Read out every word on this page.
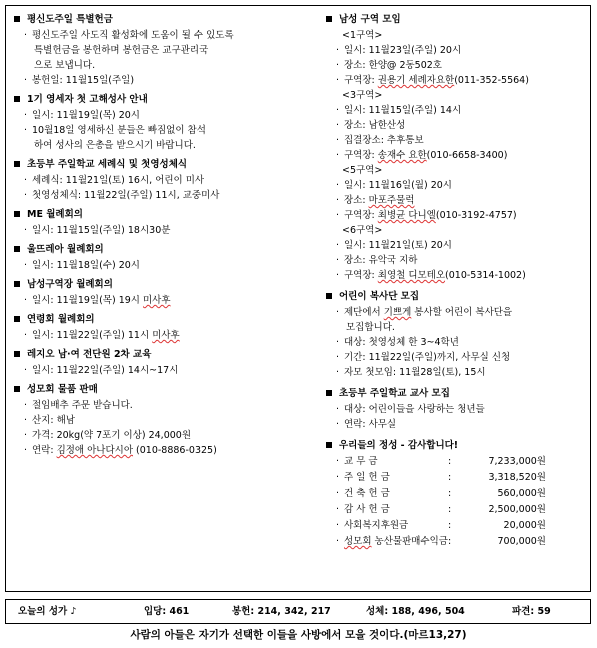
평신도주일 특별헌금
· 평신도주일 사도직 활성화에 도움이 될 수 있도록
특별헌금을 봉헌하며 봉헌금은 교구관리국
으로 보냅니다.
· 봉헌일: 11월15일(주일)
1기 영세자 첫 고해성사 안내
· 일시: 11월19일(목) 20시
· 10월18일 영세하신 분들은 빠짐없이 참석
하여 성사의 은총을 받으시기 바랍니다.
초등부 주일학교 세례식 및 첫영성체식
· 세례식: 11월21일(토) 16시, 어린이 미사
· 첫영성체식: 11월22일(주일) 11시, 교중미사
ME 월례회의
· 일시: 11월15일(주일) 18시30분
울뜨레아 월례회의
· 일시: 11월18일(수) 20시
남성구역장 월례회의
· 일시: 11월19일(목) 19시 미사후
연령회 월례회의
· 일시: 11월22일(주일) 11시 미사후
레지오 남·여 전단원 2차 교육
· 일시: 11월22일(주일) 14시~17시
성모회 물품 판매
· 절임배추 주문 받습니다.
· 산지: 해남
· 가격: 20kg(약 7포기 이상) 24,000원
· 연락: 김정애 아나다시아 (010-8886-0325)
남성 구역 모임
<1구역>
· 일시: 11월23일(주일) 20시
· 장소: 한양@ 2동502호
· 구역장: 권용기 세례자요한(011-352-5564)
<3구역>
· 일시: 11월15일(주일) 14시
· 장소: 남한산성
· 집결장소: 추후통보
· 구역장: 송재수 요한(010-6658-3400)
<5구역>
· 일시: 11월16일(월) 20시
· 장소: 마포주물럭
· 구역장: 최병균 다니엘(010-3192-4757)
<6구역>
· 일시: 11월21일(토) 20시
· 장소: 유악국 지하
· 구역장: 최영철 디모테오(010-5314-1002)
어린이 복사단 모집
· 제단에서 기쁘게 봉사할 어린이 복사단을
모집합니다.
· 대상: 첫영성체 한 3~4학년
· 기간: 11월22일(주일)까지, 사무실 신청
· 자모 첫모임: 11월28일(토), 15시
초등부 주일학교 교사 모집
· 대상: 어린이들을 사랑하는 청년들
· 연락: 사무실
우리들의 정성 - 감사합니다!
· 교 무 금	:	7,233,000원
· 주 일 헌 금	:	3,318,520원
· 건 축 헌 금	:	560,000원
· 감 사 헌 금	:	2,500,000원
· 사회복지후원금	:	20,000원
· 성모회 농산물판매수익금	:	700,000원
오늘의 성가 ♪	입당: 461	봉헌: 214, 342, 217	성체: 188, 496, 504	파견: 59
사람의 아들은 자기가 선택한 이들을 사방에서 모을 것이다.(마르13,27)
